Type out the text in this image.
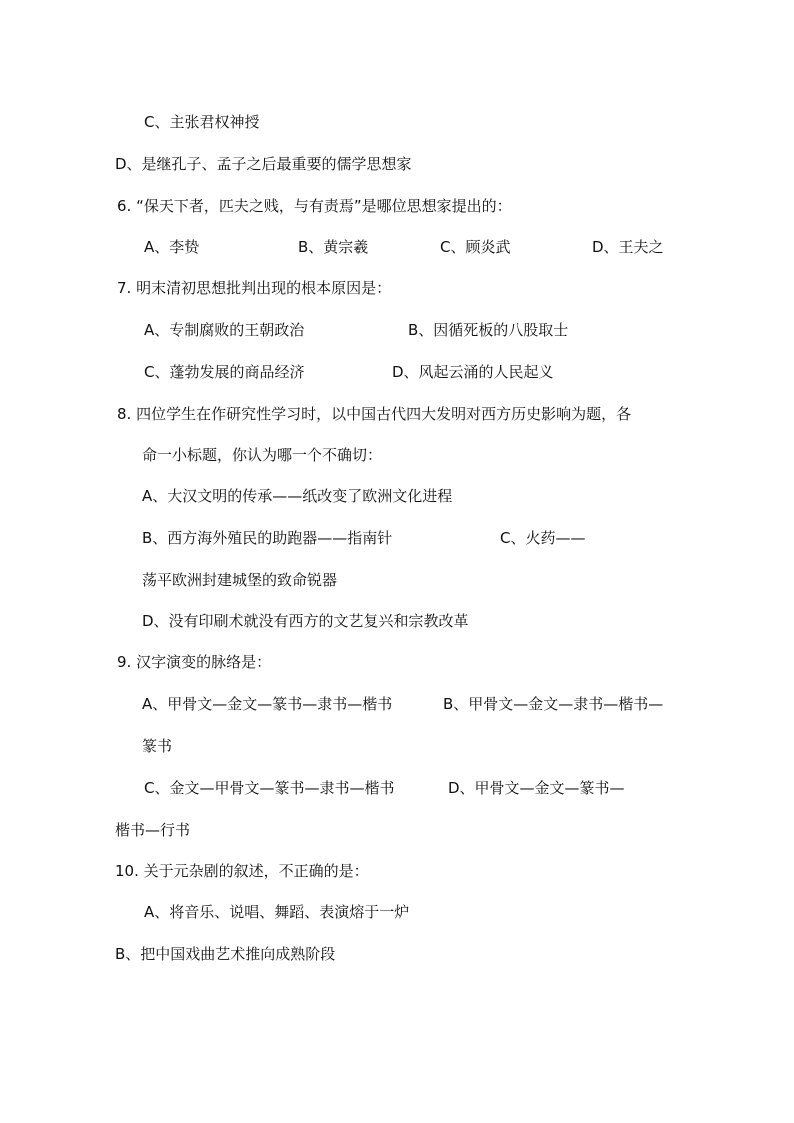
C、主张君权神授
D、是继孔子、孟子之后最重要的儒学思想家
6. “保天下者，匹夫之贱，与有责焉”是哪位思想家提出的：
A、李贽	B、黄宗羲	C、顾炎武	D、王夫之
7. 明末清初思想批判出现的根本原因是：
A、专制腐败的王朝政治	B、因循死板的八股取士
C、蓬勃发展的商品经济	D、风起云涌的人民起义
8. 四位学生在作研究性学习时，以中国古代四大发明对西方历史影响为题，各
命一小标题，你认为哪一个不确切：
A、大汉文明的传承——纸改变了欧洲文化进程
B、西方海外殖民的助跑器——指南针	C、火药——
荡平欧洲封建城堡的致命锐器
D、没有印刷术就没有西方的文艺复兴和宗教改革
9. 汉字演变的脉络是：
A、甲骨文—金文—篆书—隶书—楷书	B、甲骨文—金文—隶书—楷书—
篆书
C、金文—甲骨文—篆书—隶书—楷书	D、甲骨文—金文—篆书—
楷书—行书
10. 关于元杂剧的叙述，不正确的是：
A、将音乐、说唱、舞蹈、表演熔于一炉
B、把中国戏曲艺术推向成熟阶段
